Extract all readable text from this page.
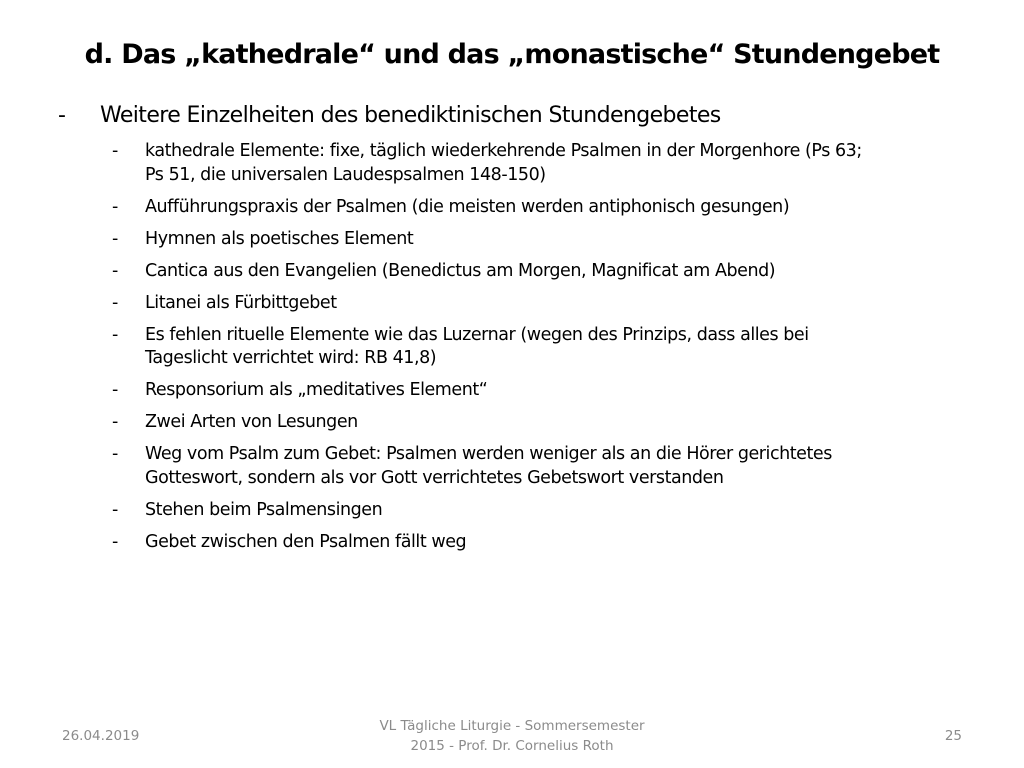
d. Das „kathedrale“ und das „monastische“ Stundengebet
- Weitere Einzelheiten des benediktinischen Stundengebetes
- kathedrale Elemente: fixe, täglich wiederkehrende Psalmen in der Morgenhore (Ps 63;
Ps 51, die universalen Laudespsalmen 148-150)
- Aufführungspraxis der Psalmen (die meisten werden antiphonisch gesungen)
- Hymnen als poetisches Element
- Cantica aus den Evangelien (Benedictus am Morgen, Magnificat am Abend)
- Litanei als Fürbittgebet
- Es fehlen rituelle Elemente wie das Luzernar (wegen des Prinzips, dass alles bei
Tageslicht verrichtet wird: RB 41,8)
- Responsorium als „meditatives Element“
- Zwei Arten von Lesungen
- Weg vom Psalm zum Gebet: Psalmen werden weniger als an die Hörer gerichtetes
Gotteswort, sondern als vor Gott verrichtetes Gebetswort verstanden
- Stehen beim Psalmensingen
- Gebet zwischen den Psalmen fällt weg
26.04.2019
VL Tägliche Liturgie - Sommersemester
2015 - Prof. Dr. Cornelius Roth
25
